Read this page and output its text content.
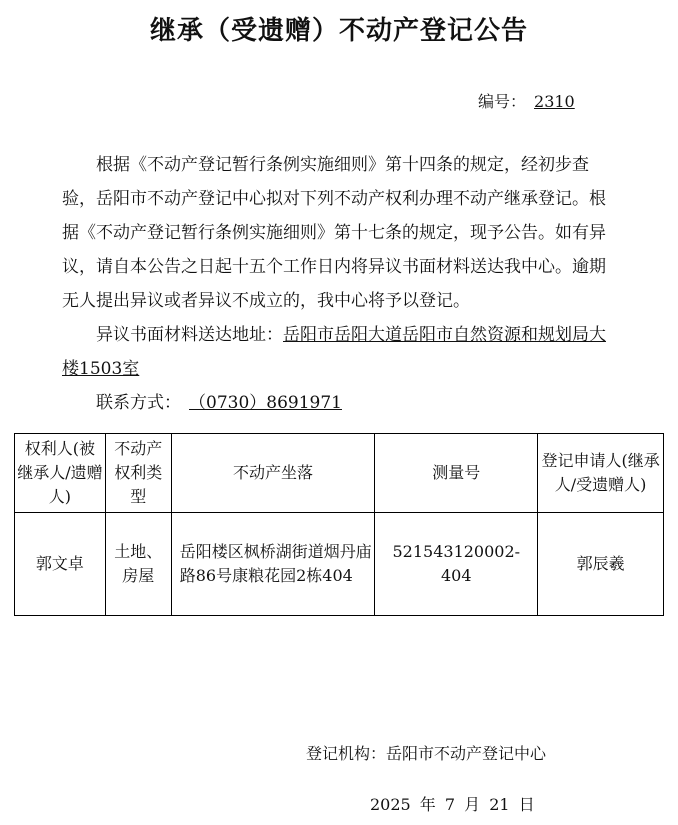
继承（受遗赠）不动产登记公告
编号： 2310
根据《不动产登记暂行条例实施细则》第十四条的规定，经初步查验，岳阳市不动产登记中心拟对下列不动产权利办理不动产继承登记。根据《不动产登记暂行条例实施细则》第十七条的规定，现予公告。如有异议，请自本公告之日起十五个工作日内将异议书面材料送达我中心。逾期无人提出异议或者异议不成立的，我中心将予以登记。
异议书面材料送达地址：岳阳市岳阳大道岳阳市自然资源和规划局大楼1503室
联系方式： （0730）8691971
权利人(被继承人/遗赠人)	不动产权利类型	不动产坐落	测量号	登记申请人(继承人/受遗赠人)
郭文卓	土地、房屋	岳阳楼区枫桥湖街道烟丹庙路86号康粮花园2栋404	521543120002-404	郭辰羲
登记机构：岳阳市不动产登记中心
2025 年 7 月 21 日
